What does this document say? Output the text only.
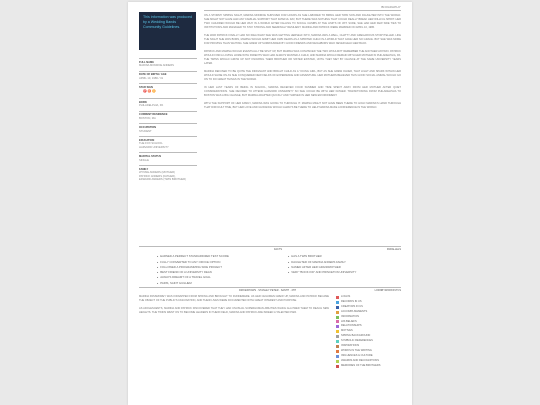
This information was produced by a Wedding Bands Community Guidelines.
BIOGRAPHY
FULL NAME
MARINA MONROE ANDERS
DATE OF BIRTH / AGE
APRIL 10, 1986 / 31
STAR SIGN
♈ ♉ ♊
BORN
PHILADELPHIA, PA
CURRENT RESIDENCE
BOSTON, MA
OCCUPATION
STUDENT
EDUCATION
THE FOX SCHOOL
HARVARD UNIVERSITY
MARITAL STATUS
SINGLE
FAMILY
WYNNE ANDERS (MOTHER)
PATRICK ANDERS (FATHER),
EDWARD ANDERS (TWIN BROTHER)

ON A STORMY SPRING NIGHT, MARINA MONROE SURVIVED FOR HOURS AS SHE LABORED TO BRING HER TWIN SON AND DAUGHTER INTO THE WORLD. SHE MIGHT NOT HAVE HAD ANY FAMILIAL SUPPORT THAT FATEFUL DAY, BUT THERE WAS NOTHING THAT COULD REALLY BREAK HER WILLFUL SPIRIT. HER TWO CHILDREN WOULD BE HER WHY IN A WORLD AFTER FALLING TO SOCIAL CLIMBS AT THE LIMITS OF WIT. SURE, SHE HAD HER FEW SIDE TIES TO INSTITUTIONS AND MANAGED TO STAY STRONG AND SEEMINGLY RESILIENT. MARINA AND PATRICK WERE MARRIED ON APRIL 10, 1986.

THE WAR PATRICK FINALLY HAD NO IDEA WHAT SHE WAS GETTING HERSELF INTO, MARINA WAS A WELL, CHATTY AND GREGARIOUS STORYTELLER. LIKE THE NIGHT SHE WAS BORN, MARINA WOULD ADMIT HER OWN FEARS AS A SPIRITED CHILD IN A WORLD THAT GAVE HER NO GRACE. BUT SHE WAS MORE FOR PROVING THAN WAITING. SHE GREW UP SURROUNDED BY GOOD FRIENDS AND NEIGHBORS WHO NEVER HELD HER BACK.

PATRICK AND MARINA WOULD EVENTUALLY BE SPLIT UP, BUT MARINA WAS CONVINCED THE TWO WOULDN'T REMEMBER THE ANOTHER ANYWAY. PATRICK WOULD FIND A LOVING HOME WITH PARENTS WHO HAD ALWAYS WANTED A CHILD, AND MARINA WOULD REMAIN WITH HER MOTHER IN PHILADELPHIA, PA. THE TWINS WOULD GROW UP NOT KNOWING THEIR BROTHER OR SISTER EXISTED, UNTIL THEY MET BY CHANCE AT THE SAME UNIVERSITY YEARS LATER.

MARINA REFUSED TO BE QUITE THE INDIGNANT AND BRIGHT CHILD AS A YOUNG GIRL, BUT AS SHE GREW OLDER, THAT LIGHT AND SPARK WITHIN HER WOULD SHINE ON AS SHE CONQUERED NEW FIELDS OF EXPERIENCE AND ADVENTURE. HER MOTHERS BELIEVED THIS GOOD SOCIAL ANIMAL WOULD GO ON TO DO GREAT THINGS IN THE WORLD.

IN HER LAST YEARS OF BEING IN SCHOOL, MARINA RECEIVED FOUR SUMMER AND TIME SPENT AWAY FROM HER MOTHER AFTER QUIET CONSIDERATIONS. SHE DECIDED TO ATTEND HARVARD UNIVERSITY SO SHE COULD BE WITH HER FATHER. TRANSITIONING FROM PHILADELPHIA TO BOSTON WAS A BIG CHANGE, BUT MARINA ADAPTED QUICKLY AND THRIVED IN HER NEW ENVIRONMENT.

WITH THE SUPPORT OF HER FAMILY, MARINA WAS GOING TO THROUGH IT. MARINA MIGHT NOT HAVE BEEN THERE TO HOLD MARINA'S HAND THROUGH THAT DIFFICULT TIME, BUT HER LOVE AND GUIDANCE WOULD ALWAYS BE THERE TO HELP MARINA MAKE A DIFFERENCE IN THE WORLD.

FACTS	PARALLELS
■ EARNED A PERFECT STANDARDIZED TEST SCORE
■ FULLY CONVERTED TO ANY OFFICE OPTION
■ FOLLOWED A PROGRAMMING SIDE PROJECT
■ BEST FRIEND OF A UNIVERSITY DEAN
■ ALWAYS DREAMT OF A TRAVEL GOAL
■ PARIS, SAINT GUILHEM
■ HAS A TWIN BROTHER
■ DAUGHTER OF MARINA ANDERS FAMILY
■ NAMED AFTER HER GRANDMOTHER
■ VERY "BOOK KID" AND PRINCETON UNIVERSITY
DRIVESHOWS · STANLEY PETER · SANTH · 4TH	LORNBYWORKSVTCS

MARINA PASSMOREY WAS KIDNAPPED FROM SPRING AND BROUGHT TO RUNNEMERE. AS HER CHILDREN GREW UP, MARINA AND PATRICK BECAME THE OBJECT OF THE PUBLIC'S FASCINATION, AND THEIR LIVES WERE DOCUMENTED WITH GREAT INTEREST AND PURPOSE.

AS ADOLESCENTS, MARINA AND PATRICK DISCOVERED THAT THEY HAD UNUSUAL SUPERHUMAN ABILITIES WHICH ALLOWED THEM TO REACH NEW HEIGHTS. THE TWINS WENT ON TO BECOME LEADERS IN THEIR FIELD, MARINA AND PATRICK ARE INDEED A TALENTED PAIR.

LOGOS
RECORDS IN US
CREATORS IN US
ACCOMPLISHMENTS
INFORMATION
HIS BELIEFS
RELATIONSHIPS
MOTIVES
SPRING BACKGROUND
SYMBOLIC REFERENCES
INSPIRATIONS
WORKS IN THE WRITING
INFLUENCES & CULTURE
AWARDS AND RECOGNITIONS
MEMORIES OF THE BROTHERS
